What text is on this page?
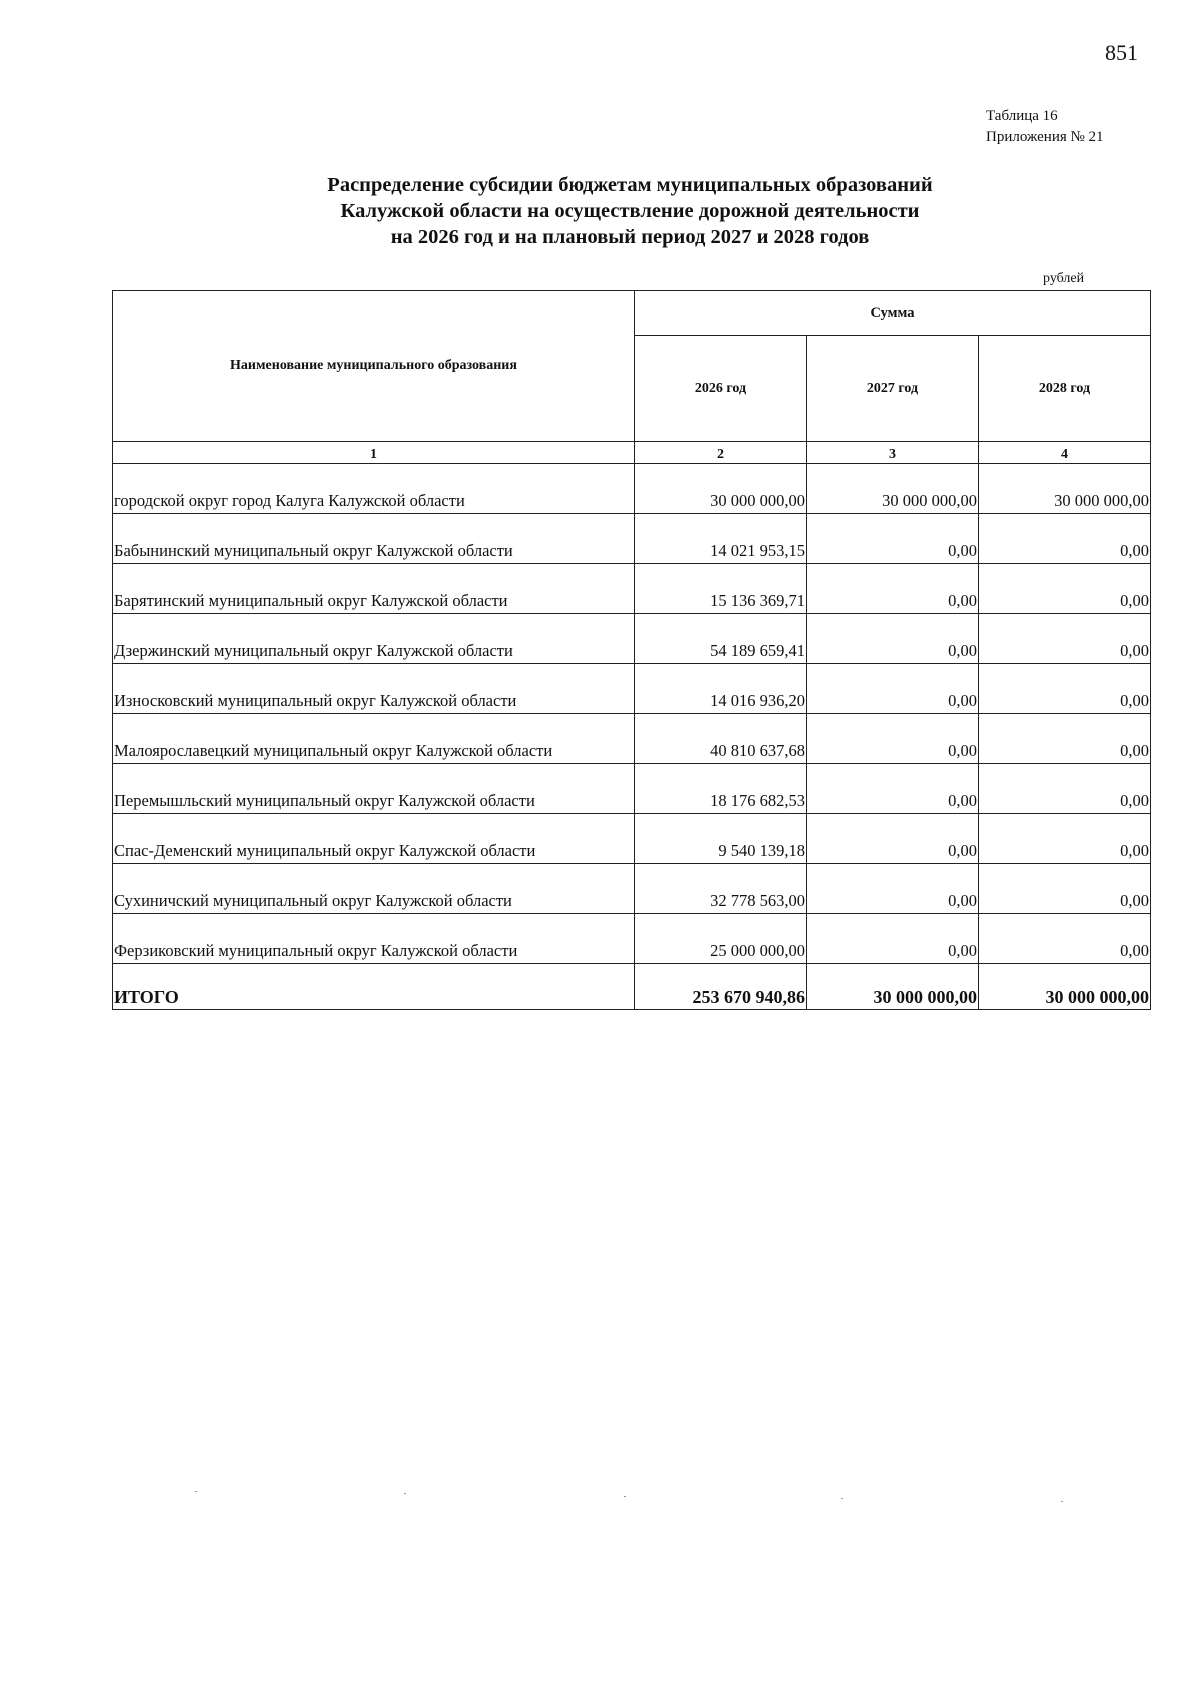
851
Таблица 16
Приложения № 21
Распределение субсидии бюджетам муниципальных образований
Калужской области на осуществление дорожной деятельности
на 2026 год и на плановый период 2027 и 2028 годов
рублей
Наименование муниципального образования	Сумма		
	2026 год	2027 год	2028 год
1	2	3	4
городской округ город Калуга Калужской области	30 000 000,00	30 000 000,00	30 000 000,00
Бабынинский муниципальный округ Калужской области	14 021 953,15	0,00	0,00
Барятинский муниципальный округ Калужской области	15 136 369,71	0,00	0,00
Дзержинский муниципальный округ Калужской области	54 189 659,41	0,00	0,00
Износковский муниципальный округ Калужской области	14 016 936,20	0,00	0,00
Малоярославецкий муниципальный округ Калужской области	40 810 637,68	0,00	0,00
Перемышльский муниципальный округ Калужской области	18 176 682,53	0,00	0,00
Спас-Деменский муниципальный округ Калужской области	9 540 139,18	0,00	0,00
Сухиничский муниципальный округ Калужской области	32 778 563,00	0,00	0,00
Ферзиковский муниципальный округ Калужской области	25 000 000,00	0,00	0,00
ИТОГО	253 670 940,86	30 000 000,00	30 000 000,00
